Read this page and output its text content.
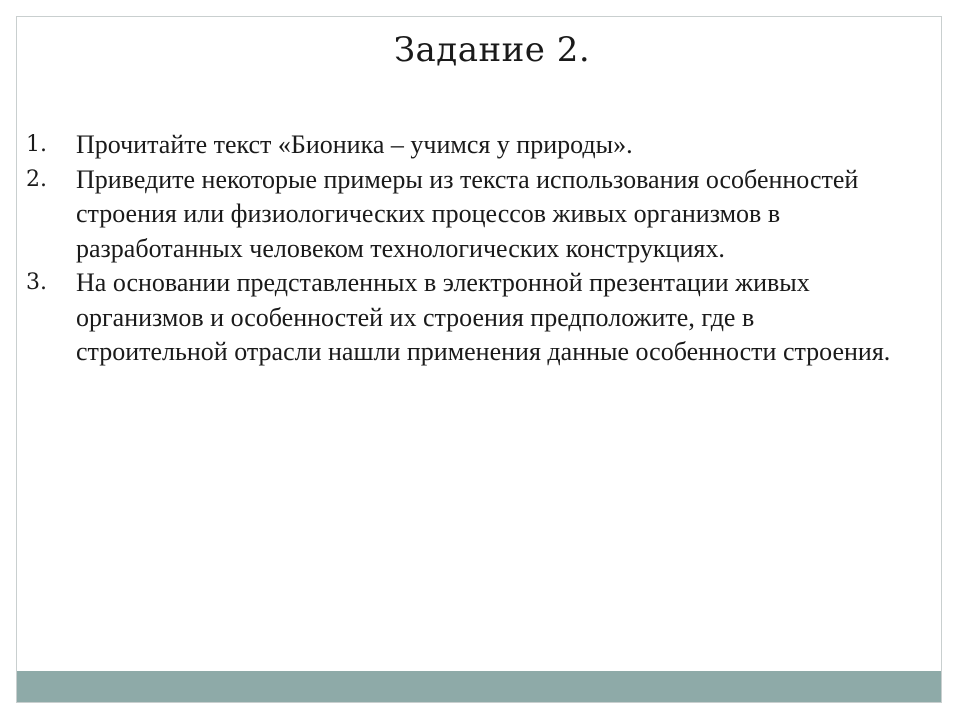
Задание 2.
1. Прочитайте текст «Бионика – учимся у природы».
2. Приведите некоторые примеры из текста использования особенностей строения или физиологических процессов живых организмов в разработанных человеком технологических конструкциях.
3. На основании представленных в электронной презентации живых организмов и особенностей их строения предположите, где в строительной отрасли нашли применения данные особенности строения.
